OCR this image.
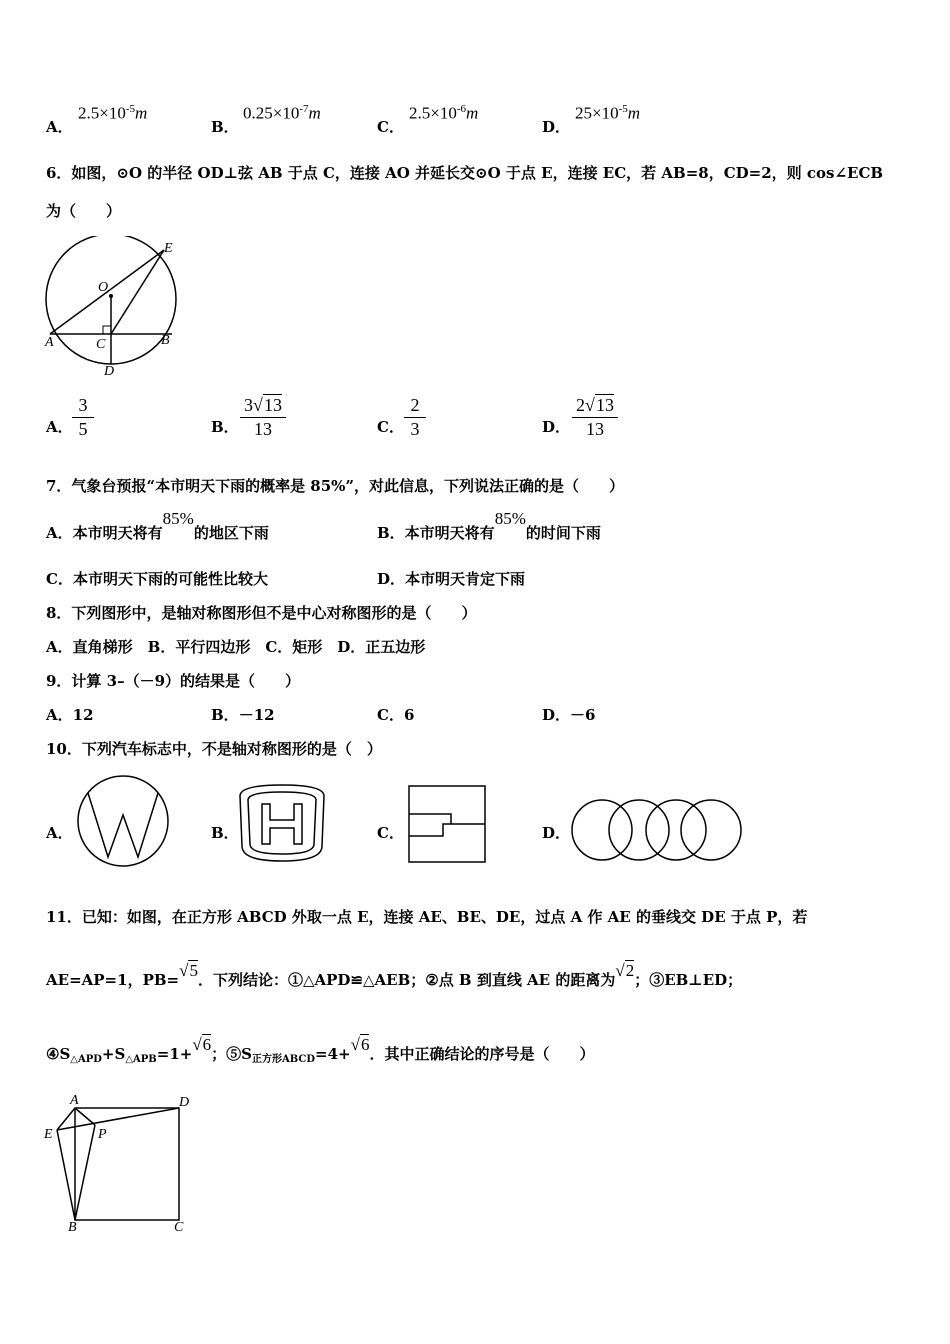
A．
$2.5\times 10^{-5}m$
B．
$0.25\times 10^{-7}m$
C．
$2.5\times 10^{-6}m$
D．
$25\times 10^{-5}m$
6．如图，⊙O 的半径 OD⊥弦 AB 于点 C，连接 AO 并延长交⊙O 于点 E，连接 EC，若 AB=8，CD=2，则 cos∠ECB
为（　　）
O
E
A	C	B
D
A．
3
5	B．
3√13
13	C．
2
3	D．
2√13
13
7．气象台预报“本市明天下雨的概率是 85%”，对此信息，下列说法正确的是（　　）
A．本市明天将有85%的地区下雨	B．本市明天将有85%的时间下雨
C．本市明天下雨的可能性比较大	D．本市明天肯定下雨
8．下列图形中，是轴对称图形但不是中心对称图形的是（　　）
A．直角梯形　B．平行四边形　C．矩形　D．正五边形
9．计算 3–（－9）的结果是（　　）
A．12	B．－12	C．6	D．－6
10．下列汽车标志中，不是轴对称图形的是（　）
A．	B．	C．	D．
11．已知：如图，在正方形 ABCD 外取一点 E，连接 AE、BE、DE，过点 A 作 AE 的垂线交 DE 于点 P，若
AE=AP=1，PB=√5．下列结论：①△APD≌△AEB；②点 B 到直线 AE 的距离为√2；③EB⊥ED；
$④S_{\triangle APD}+S_{\triangle APB}=1+√6$；$⑤S_{正方形ABCD}=4+√6$．其中正确结论的序号是（　　）
A	D
E	P
B	C
